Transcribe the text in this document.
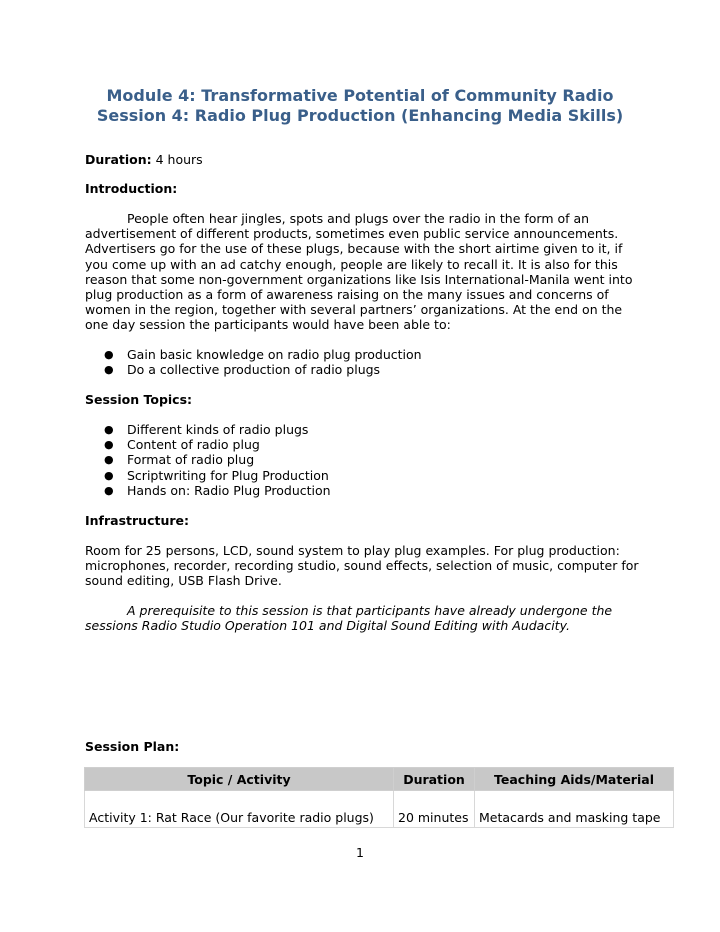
Module 4: Transformative Potential of Community Radio
Session 4: Radio Plug Production (Enhancing Media Skills)
Duration: 4 hours
Introduction:
People often hear jingles, spots and plugs over the radio in the form of an advertisement of different products, sometimes even public service announcements. Advertisers go for the use of these plugs, because with the short airtime given to it, if you come up with an ad catchy enough, people are likely to recall it. It is also for this reason that some non-government organizations like Isis International-Manila went into plug production as a form of awareness raising on the many issues and concerns of women in the region, together with several partners’ organizations. At the end on the one day session the participants would have been able to:
● Gain basic knowledge on radio plug production
● Do a collective production of radio plugs
Session Topics:
● Different kinds of radio plugs
● Content of radio plug
● Format of radio plug
● Scriptwriting for Plug Production
● Hands on: Radio Plug Production
Infrastructure:
Room for 25 persons, LCD, sound system to play plug examples. For plug production: microphones, recorder, recording studio, sound effects, selection of music, computer for sound editing, USB Flash Drive.
A prerequisite to this session is that participants have already undergone the sessions Radio Studio Operation 101 and Digital Sound Editing with Audacity.
Session Plan:
Topic / Activity	Duration	Teaching Aids/Material
Activity 1: Rat Race (Our favorite radio plugs)	20 minutes	Metacards and masking tape
1
